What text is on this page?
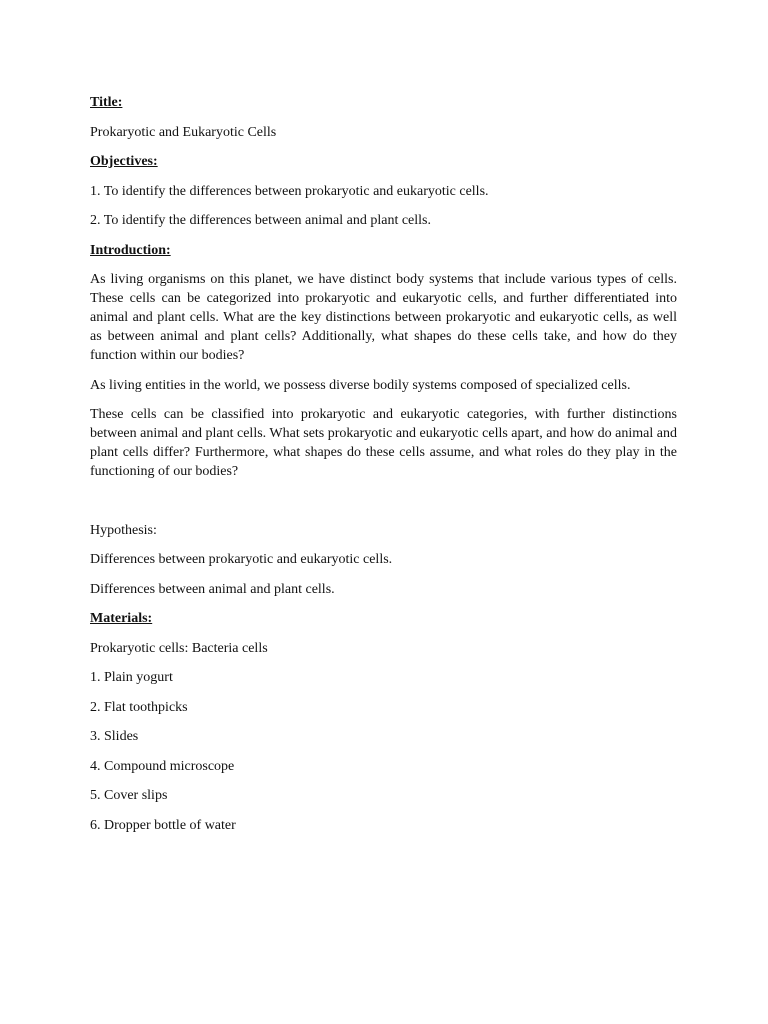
Title:

Prokaryotic and Eukaryotic Cells

Objectives:

1. To identify the differences between prokaryotic and eukaryotic cells.

2. To identify the differences between animal and plant cells.

Introduction:

As living organisms on this planet, we have distinct body systems that include various types of cells. These cells can be categorized into prokaryotic and eukaryotic cells, and further differentiated into animal and plant cells. What are the key distinctions between prokaryotic and eukaryotic cells, as well as between animal and plant cells? Additionally, what shapes do these cells take, and how do they function within our bodies?

As living entities in the world, we possess diverse bodily systems composed of specialized cells.

These cells can be classified into prokaryotic and eukaryotic categories, with further distinctions between animal and plant cells. What sets prokaryotic and eukaryotic cells apart, and how do animal and plant cells differ? Furthermore, what shapes do these cells assume, and what roles do they play in the functioning of our bodies?

Hypothesis:

Differences between prokaryotic and eukaryotic cells.

Differences between animal and plant cells.

Materials:

Prokaryotic cells: Bacteria cells

1. Plain yogurt

2. Flat toothpicks

3. Slides

4. Compound microscope

5. Cover slips

6. Dropper bottle of water
